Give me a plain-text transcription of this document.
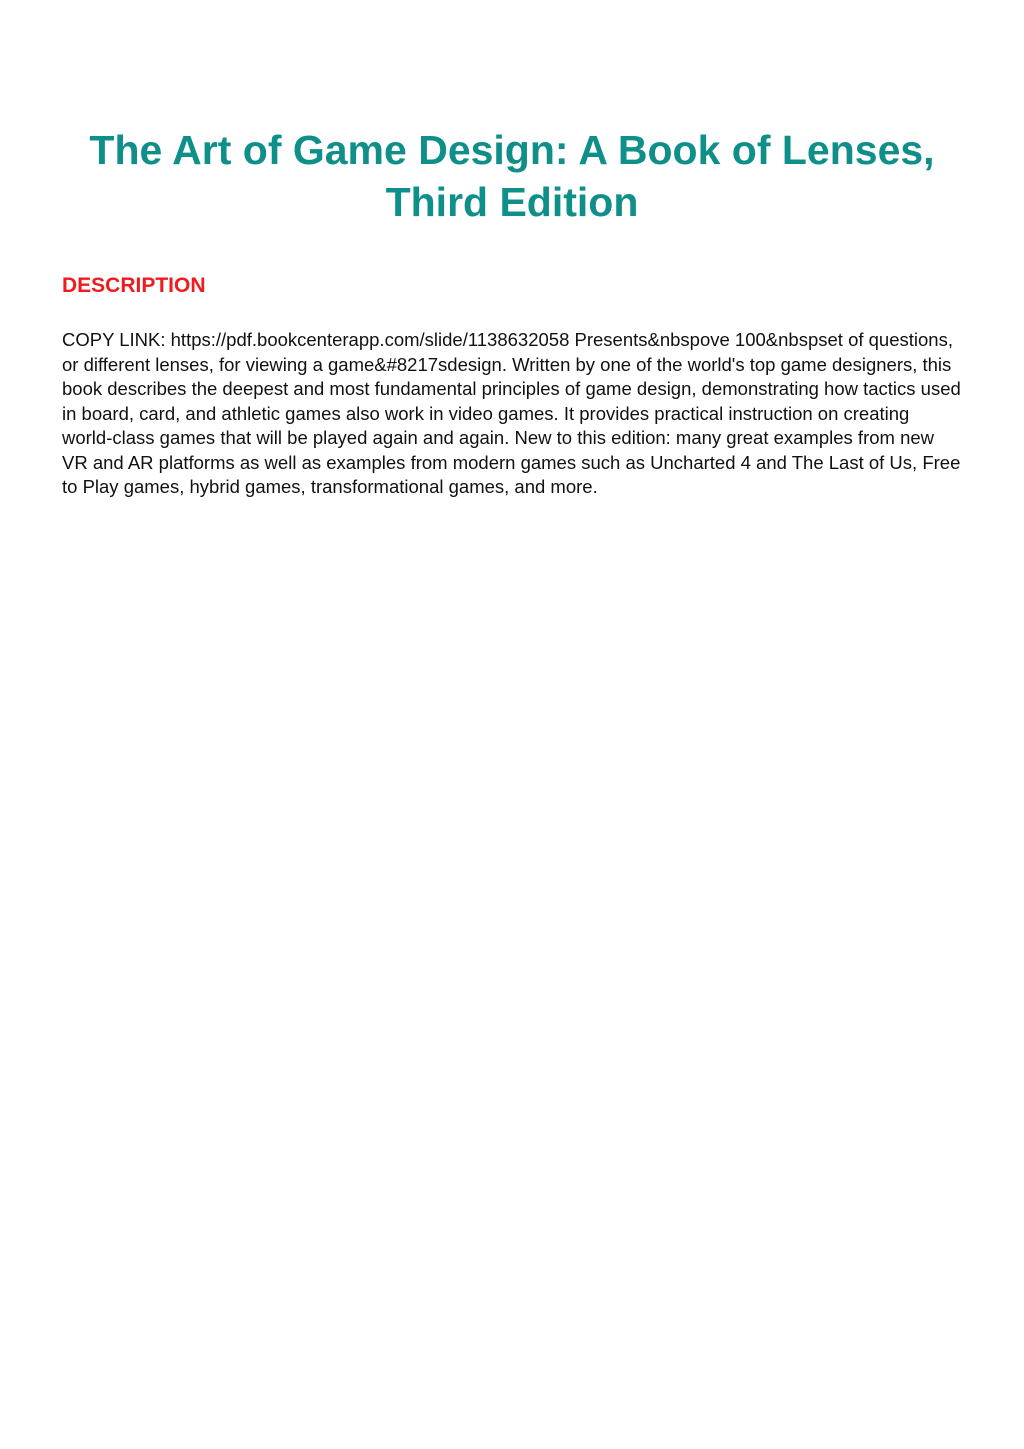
The Art of Game Design: A Book of Lenses, Third Edition
DESCRIPTION

COPY LINK: https://pdf.bookcenterapp.com/slide/1138632058 Presents&nbspove 100&nbspset of questions, or different lenses, for viewing a game&#8217sdesign. Written by one of the world's top game designers, this book describes the deepest and most fundamental principles of game design, demonstrating how tactics used in board, card, and athletic games also work in video games. It provides practical instruction on creating world-class games that will be played again and again. New to this edition: many great examples from new VR and AR platforms as well as examples from modern games such as Uncharted 4 and The Last of Us, Free to Play games, hybrid games, transformational games, and more.
